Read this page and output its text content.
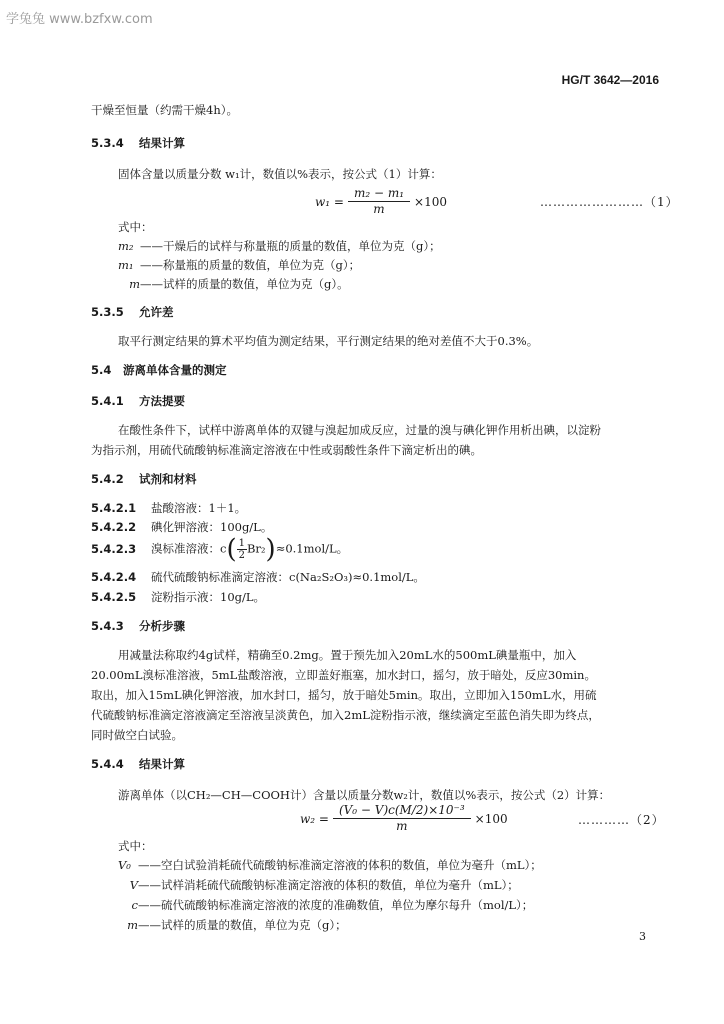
学兔兔 www.bzfxw.com
HG/T 3642—2016
干燥至恒量（约需干燥4h）。
5.3.4 结果计算
固体含量以质量分数 w₁计，数值以%表示，按公式（1）计算：
$w_1 = \frac{\text{m₂ − m₁}}{m} \times 100$	……………………（1）
式中：
m₂ ——干燥后的试样与称量瓶的质量的数值，单位为克（g）；
m₁ ——称量瓶的质量的数值，单位为克（g）；
m——试样的质量的数值，单位为克（g）。
5.3.5 允许差
取平行测定结果的算术平均值为测定结果，平行测定结果的绝对差值不大于0.3%。
5.4 游离单体含量的测定
5.4.1 方法提要
在酸性条件下，试样中游离单体的双键与溴起加成反应，过量的溴与碘化钾作用析出碘，以淀粉
为指示剂，用硫代硫酸钠标准滴定溶液在中性或弱酸性条件下滴定析出的碘。
5.4.2 试剂和材料
5.4.2.1 盐酸溶液：1＋1。
5.4.2.2 碘化钾溶液：100g/L。
5.4.2.3 溴标准溶液：$c( \frac{1}{2} Br_2)\approx 0.1mol/L$。
5.4.2.4 硫代硫酸钠标准滴定溶液：c(Na₂S₂O₃)≈0.1mol/L。
5.4.2.5 淀粉指示液：10g/L。
5.4.3 分析步骤
用减量法称取约4g试样，精确至0.2mg。置于预先加入20mL水的500mL碘量瓶中，加入
20.00mL溴标准溶液，5mL盐酸溶液，立即盖好瓶塞，加水封口，摇匀，放于暗处，反应30min。
取出，加入15mL碘化钾溶液，加水封口，摇匀，放于暗处5min。取出，立即加入150mL水，用硫
代硫酸钠标准滴定溶液滴定至溶液呈淡黄色，加入2mL淀粉指示液，继续滴定至蓝色消失即为终点，
同时做空白试验。
5.4.4 结果计算
游离单体（以CH₂—CH—COOH计）含量以质量分数w₂计，数值以%表示，按公式（2）计算：
$w_2 = \frac{\text{(V₀ − V)c(M/2)×10⁻³}}{m} \times 100$	…………（2）
式中：
V₀ ——空白试验消耗硫代硫酸钠标准滴定溶液的体积的数值，单位为毫升（mL）；
V——试样消耗硫代硫酸钠标准滴定溶液的体积的数值，单位为毫升（mL）；
c——硫代硫酸钠标准滴定溶液的浓度的准确数值，单位为摩尔每升（mol/L）；
m——试样的质量的数值，单位为克（g）；
3
